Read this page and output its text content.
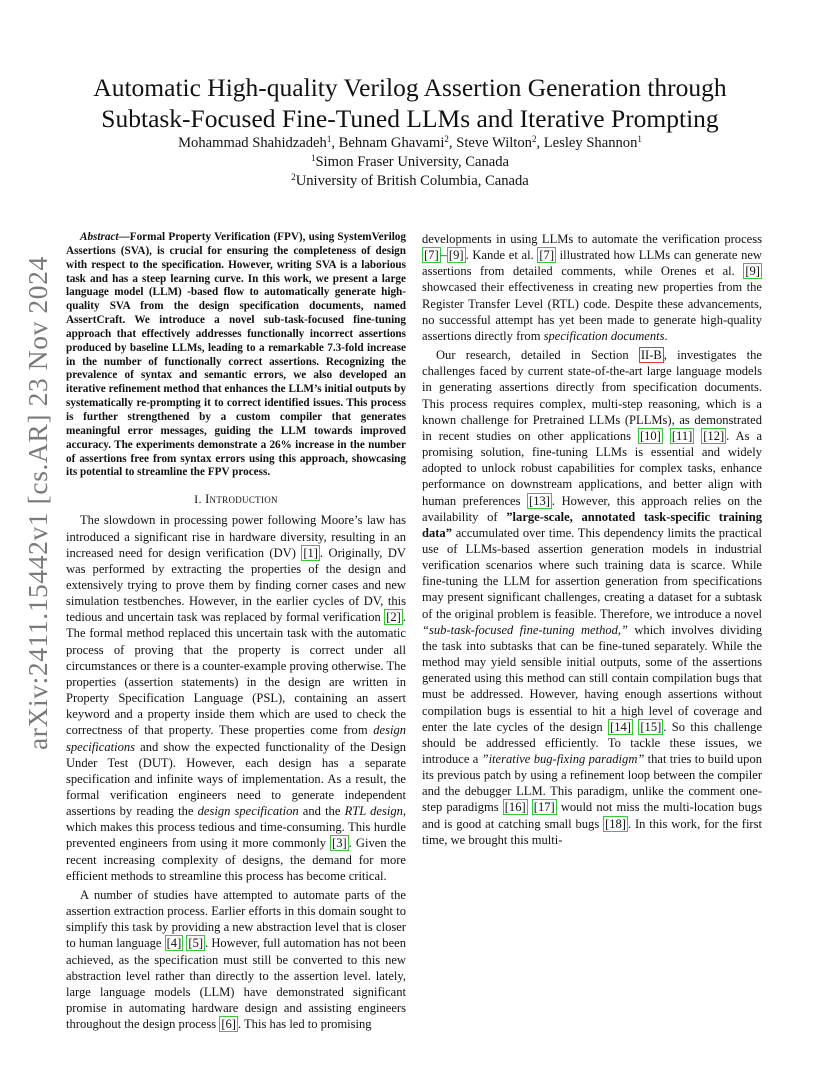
arXiv:2411.15442v1 [cs.AR] 23 Nov 2024
Automatic High-quality Verilog Assertion Generation through
Subtask-Focused Fine-Tuned LLMs and Iterative Prompting
Mohammad Shahidzadeh$^1$, Behnam Ghavami$^2$, Steve Wilton$^2$, Lesley Shannon$^1$
$^1$Simon Fraser University, Canada
$^2$University of British Columbia, Canada

Abstract—Formal Property Verification (FPV), using SystemVerilog Assertions (SVA), is crucial for ensuring the completeness of design with respect to the specification. However, writing SVA is a laborious task and has a steep learning curve. In this work, we present a large language model (LLM) -based flow to automatically generate high-quality SVA from the design specification documents, named AssertCraft. We introduce a novel sub-task-focused fine-tuning approach that effectively addresses functionally incorrect assertions produced by baseline LLMs, leading to a remarkable 7.3-fold increase in the number of functionally correct assertions. Recognizing the prevalence of syntax and semantic errors, we also developed an iterative refinement method that enhances the LLM’s initial outputs by systematically re-prompting it to correct identified issues. This process is further strengthened by a custom compiler that generates meaningful error messages, guiding the LLM towards improved accuracy. The experiments demonstrate a 26% increase in the number of assertions free from syntax errors using this approach, showcasing its potential to streamline the FPV process.

I. Introduction

The slowdown in processing power following Moore’s law has introduced a significant rise in hardware diversity, resulting in an increased need for design verification (DV) [1] . Originally, DV was performed by extracting the properties of the design and extensively trying to prove them by finding corner cases and new simulation testbenches. However, in the earlier cycles of DV, this tedious and uncertain task was replaced by formal verification [2] . The formal method replaced this uncertain task with the automatic process of proving that the property is correct under all circumstances or there is a counter-example proving otherwise. The properties (assertion statements) in the design are written in Property Specification Language (PSL), containing an assert keyword and a property inside them which are used to check the correctness of that property. These properties come from design specifications and show the expected functionality of the Design Under Test (DUT). However, each design has a separate specification and infinite ways of implementation. As a result, the formal verification engineers need to generate independent assertions by reading the design specification and the RTL design, which makes this process tedious and time-consuming. This hurdle prevented engineers from using it more commonly [3] . Given the recent increasing complexity of designs, the demand for more efficient methods to streamline this process has become critical.

A number of studies have attempted to automate parts of the assertion extraction process. Earlier efforts in this domain sought to simplify this task by providing a new abstraction level that is closer to human language [4] [5] . However, full automation has not been achieved, as the specification must still be converted to this new abstraction level rather than directly to the assertion level. lately, large language models (LLM) have demonstrated significant promise in automating hardware design and assisting engineers throughout the design process [6] . This has led to promising

developments in using LLMs to automate the verification process [7] – [9] . Kande et al. [7] illustrated how LLMs can generate new assertions from detailed comments, while Orenes et al. [9] showcased their effectiveness in creating new properties from the Register Transfer Level (RTL) code. Despite these advancements, no successful attempt has yet been made to generate high-quality assertions directly from specification documents.

Our research, detailed in Section II-B , investigates the challenges faced by current state-of-the-art large language models in generating assertions directly from specification documents. This process requires complex, multi-step reasoning, which is a known challenge for Pretrained LLMs (PLLMs), as demonstrated in recent studies on other applications [10] [11] [12] . As a promising solution, fine-tuning LLMs is essential and widely adopted to unlock robust capabilities for complex tasks, enhance performance on downstream applications, and better align with human preferences [13] . However, this approach relies on the availability of ”large-scale, annotated task-specific training data” accumulated over time. This dependency limits the practical use of LLMs-based assertion generation models in industrial verification scenarios where such training data is scarce. While fine-tuning the LLM for assertion generation from specifications may present significant challenges, creating a dataset for a subtask of the original problem is feasible. Therefore, we introduce a novel “sub-task-focused fine-tuning method,” which involves dividing the task into subtasks that can be fine-tuned separately. While the method may yield sensible initial outputs, some of the assertions generated using this method can still contain compilation bugs that must be addressed. However, having enough assertions without compilation bugs is essential to hit a high level of coverage and enter the late cycles of the design [14] [15] . So this challenge should be addressed efficiently. To tackle these issues, we introduce a ”iterative bug-fixing paradigm” that tries to build upon its previous patch by using a refinement loop between the compiler and the debugger LLM. This paradigm, unlike the comment one-step paradigms [16] [17] would not miss the multi-location bugs and is good at catching small bugs [18] . In this work, for the first time, we brought this multi-
